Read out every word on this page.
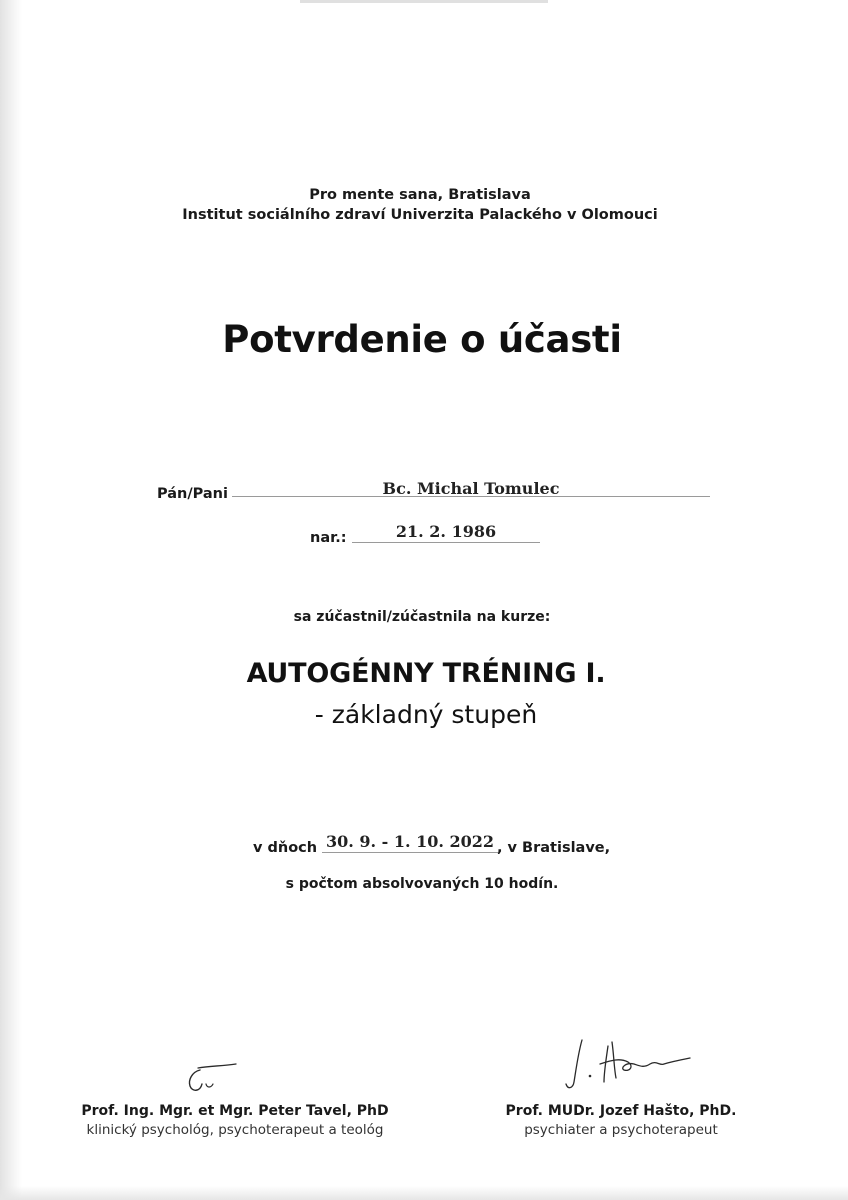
Pro mente sana, Bratislava
Institut sociálního zdraví Univerzita Palackého v Olomouci
Potvrdenie o účasti
Pán/Pani	Bc. Michal Tomulec
nar.:	21. 2. 1986
sa zúčastnil/zúčastnila na kurze:
AUTOGÉNNY TRÉNING I.
- základný stupeň
v dňoch 30. 9. - 1. 10. 2022 , v Bratislave,
s počtom absolvovaných 10 hodín.
Prof. Ing. Mgr. et Mgr. Peter Tavel, PhD
klinický psychológ, psychoterapeut a teológ
Prof. MUDr. Jozef Hašto, PhD.
psychiater a psychoterapeut
